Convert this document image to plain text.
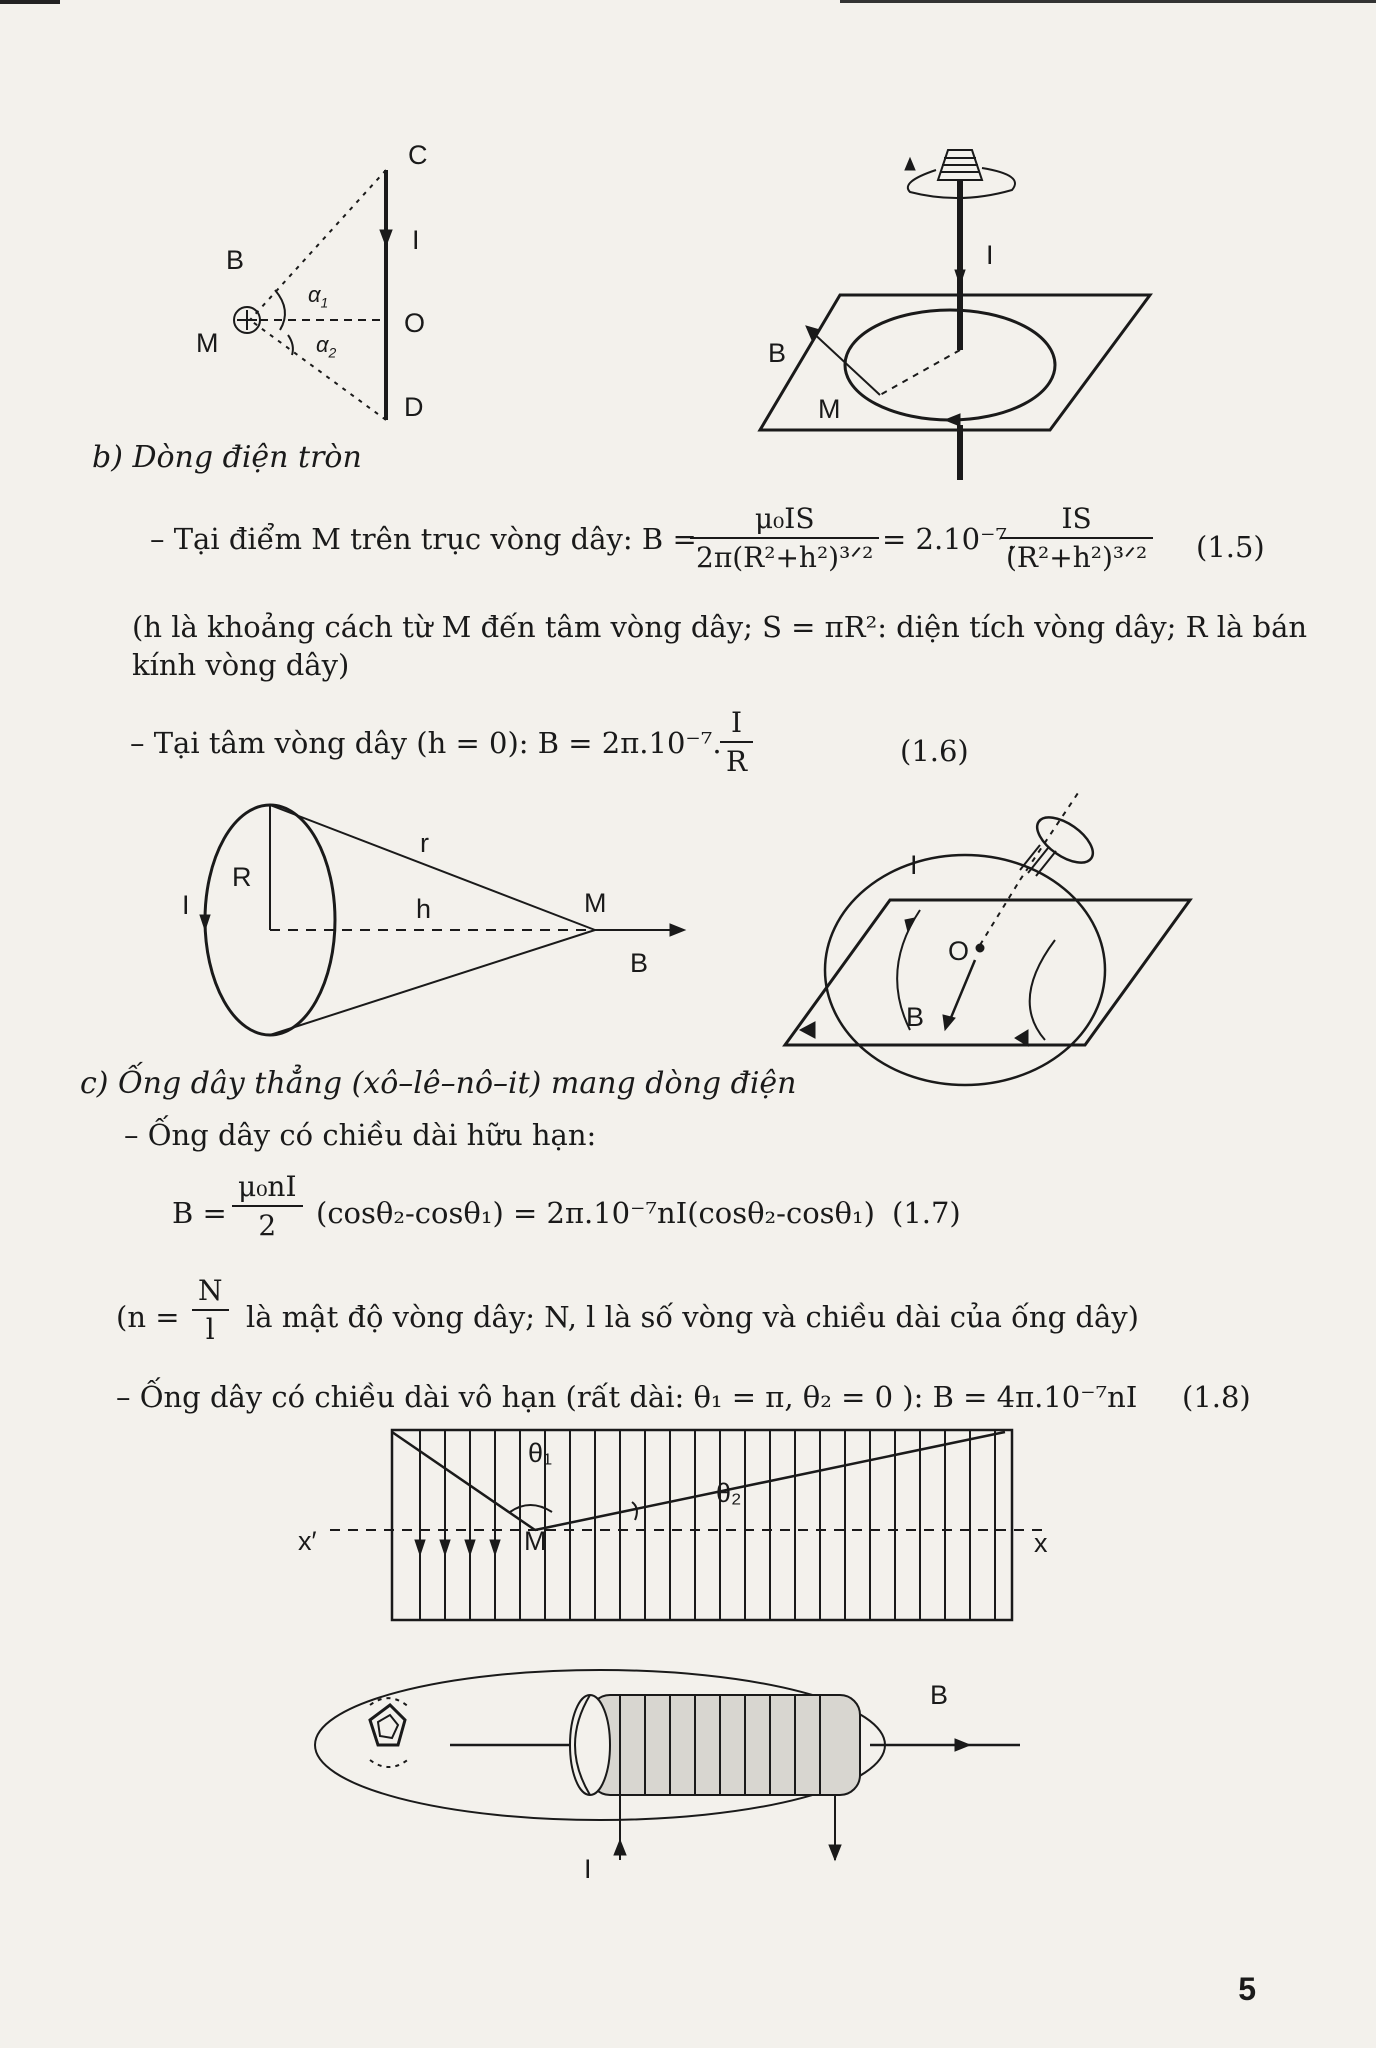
C
I
O
D
B
M
$\alpha_1$
$\alpha_2$
I
B
M
b) Dòng điện tròn
– Tại điểm M trên trục vòng dây: B =
μ₀IS
2π(R²+h²)³ᐟ²
= 2.10⁻⁷.
IS
(R²+h²)³ᐟ² (1.5)
(h là khoảng cách từ M đến tâm vòng dây; S = πR²: diện tích vòng dây; R là bán
kính vòng dây)
– Tại tâm vòng dây (h = 0): B = 2π.10⁻⁷.
$\frac{I}{R}$	(1.6)
I
R
r
h	M
B
I
O
B
c) Ống dây thẳng (xô–lê–nô–it) mang dòng điện
– Ống dây có chiều dài hữu hạn:
$B = \frac{\text{μ₀nI}}{2} (\cos\theta_2-\cos\theta_1) = 2\pi.10^{-7}nI(\cos\theta_2-\cos\theta_1)$ (1.7)
($n = \frac{N}{l}$ là mật độ vòng dây; N, l là số vòng và chiều dài của ống dây)
– Ống dây có chiều dài vô hạn (rất dài: θ₁ = π, θ₂ = 0 ): B = 4π.10⁻⁷nI (1.8)
θ₁
θ₂
M
x′	x
B
I
5
